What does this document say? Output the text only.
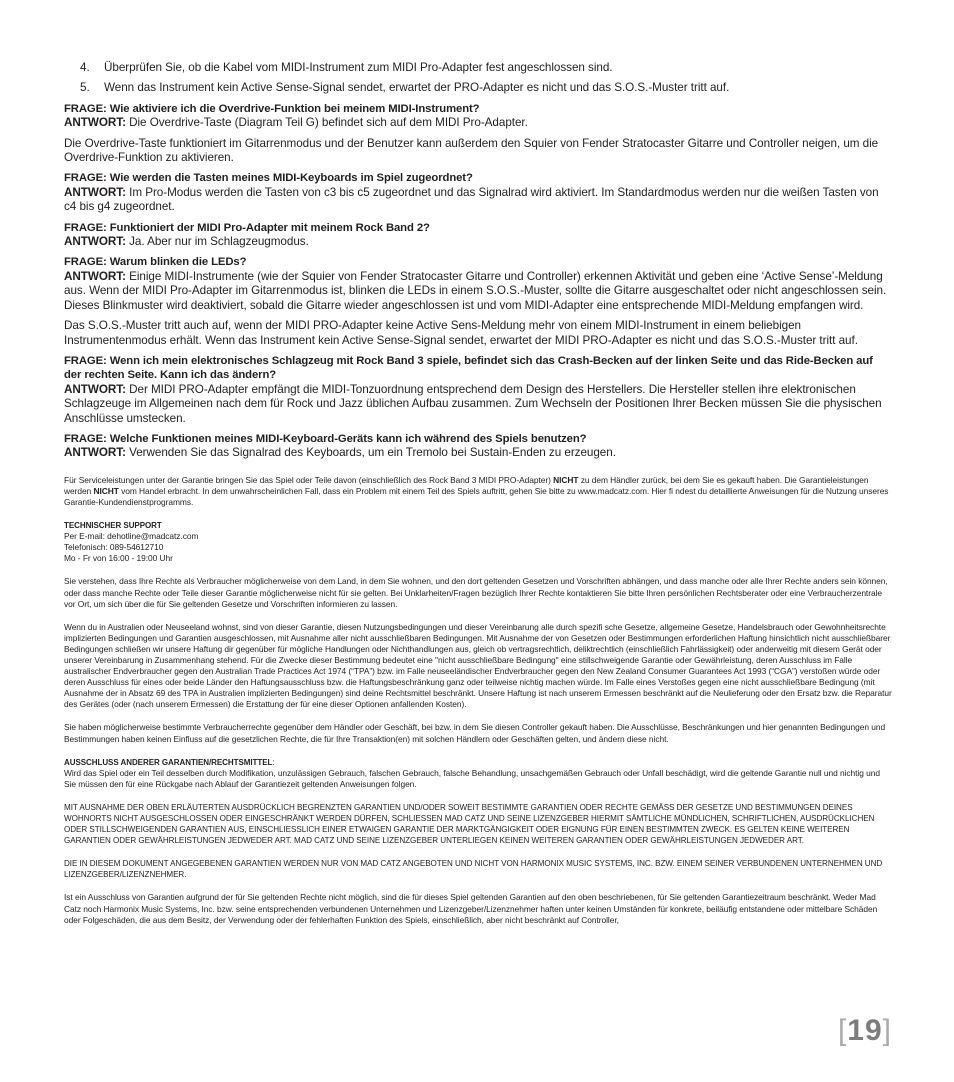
4. Überprüfen Sie, ob die Kabel vom MIDI-Instrument zum MIDI Pro-Adapter fest angeschlossen sind.
5. Wenn das Instrument kein Active Sense-Signal sendet, erwartet der PRO-Adapter es nicht und das S.O.S.-Muster tritt auf.
FRAGE: Wie aktiviere ich die Overdrive-Funktion bei meinem MIDI-Instrument?
ANTWORT: Die Overdrive-Taste (Diagram Teil G) befindet sich auf dem MIDI Pro-Adapter.
Die Overdrive-Taste funktioniert im Gitarrenmodus und der Benutzer kann außerdem den Squier von Fender Stratocaster Gitarre und Controller neigen, um die Overdrive-Funktion zu aktivieren.
FRAGE: Wie werden die Tasten meines MIDI-Keyboards im Spiel zugeordnet?
ANTWORT: Im Pro-Modus werden die Tasten von c3 bis c5 zugeordnet und das Signalrad wird aktiviert. Im Standardmodus werden nur die weißen Tasten von c4 bis g4 zugeordnet.
FRAGE: Funktioniert der MIDI Pro-Adapter mit meinem Rock Band 2?
ANTWORT: Ja. Aber nur im Schlagzeugmodus.
FRAGE: Warum blinken die LEDs?
ANTWORT: Einige MIDI-Instrumente (wie der Squier von Fender Stratocaster Gitarre und Controller) erkennen Aktivität und geben eine ‘Active Sense’-Meldung aus. Wenn der MIDI Pro-Adapter im Gitarrenmodus ist, blinken die LEDs in einem S.O.S.-Muster, sollte die Gitarre ausgeschaltet oder nicht angeschlossen sein. Dieses Blinkmuster wird deaktiviert, sobald die Gitarre wieder angeschlossen ist und vom MIDI-Adapter eine entsprechende MIDI-Meldung empfangen wird.
Das S.O.S.-Muster tritt auch auf, wenn der MIDI PRO-Adapter keine Active Sens-Meldung mehr von einem MIDI-Instrument in einem beliebigen Instrumentenmodus erhält. Wenn das Instrument kein Active Sense-Signal sendet, erwartet der MIDI PRO-Adapter es nicht und das S.O.S.-Muster tritt auf.
FRAGE: Wenn ich mein elektronisches Schlagzeug mit Rock Band 3 spiele, befindet sich das Crash-Becken auf der linken Seite und das Ride-Becken auf der rechten Seite. Kann ich das ändern?
ANTWORT: Der MIDI PRO-Adapter empfängt die MIDI-Tonzuordnung entsprechend dem Design des Herstellers. Die Hersteller stellen ihre elektronischen Schlagzeuge im Allgemeinen nach dem für Rock und Jazz üblichen Aufbau zusammen. Zum Wechseln der Positionen Ihrer Becken müssen Sie die physischen Anschlüsse umstecken.
FRAGE: Welche Funktionen meines MIDI-Keyboard-Geräts kann ich während des Spiels benutzen?
ANTWORT: Verwenden Sie das Signalrad des Keyboards, um ein Tremolo bei Sustain-Enden zu erzeugen.
Für Serviceleistungen unter der Garantie bringen Sie das Spiel oder Teile davon (einschließlich des Rock Band 3 MIDI PRO-Adapter) NICHT zu dem Händler zurück, bei dem Sie es gekauft haben. Die Garantieleistungen werden NICHT vom Handel erbracht. In dem unwahrscheinlichen Fall, dass ein Problem mit einem Teil des Spiels auftritt, gehen Sie bitte zu www.madcatz.com. Hier fi ndest du detaillierte Anweisungen für die Nutzung unseres Garantie-Kundendienstprogramms.
TECHNISCHER SUPPORT
Per E-mail: dehotline@madcatz.com
Telefonisch: 089-54612710
Mo - Fr von 16:00 - 19:00 Uhr
Sie verstehen, dass Ihre Rechte als Verbraucher möglicherweise von dem Land, in dem Sie wohnen, und den dort geltenden Gesetzen und Vorschriften abhängen, und dass manche oder alle Ihrer Rechte anders sein können, oder dass manche Rechte oder Teile dieser Garantie möglicherweise nicht für sie gelten. Bei Unklarheiten/Fragen bezüglich Ihrer Rechte kontaktieren Sie bitte Ihren persönlichen Rechtsberater oder eine Verbraucherzentrale vor Ort, um sich über die für Sie geltenden Gesetze und Vorschriften informieren zu lassen.
Wenn du in Australien oder Neuseeland wohnst, sind von dieser Garantie, diesen Nutzungsbedingungen und dieser Vereinbarung alle durch spezifi sche Gesetze, allgemeine Gesetze, Handelsbrauch oder Gewohnheitsrechte implizierten Bedingungen und Garantien ausgeschlossen, mit Ausnahme aller nicht ausschließbaren Bedingungen. Mit Ausnahme der von Gesetzen oder Bestimmungen erforderlichen Haftung hinsichtlich nicht ausschließbarer Bedingungen schließen wir unsere Haftung dir gegenüber für mögliche Handlungen oder Nichthandlungen aus, gleich ob vertragsrechtlich, deliktrechtlich (einschließlich Fahrlässigkeit) oder anderweitig mit diesem Gerät oder unserer Vereinbarung in Zusammenhang stehend. Für die Zwecke dieser Bestimmung bedeutet eine "nicht ausschließbare Bedingung" eine stillschweigende Garantie oder Gewährleistung, deren Ausschluss im Falle australischer Endverbraucher gegen den Australian Trade Practices Act 1974 (“TPA”) bzw. im Falle neuseeländischer Endverbraucher gegen den New Zealand Consumer Guarantees Act 1993 (“CGA”) verstoßen würde oder deren Ausschluss für eines oder beide Länder den Haftungsausschluss bzw. die Haftungsbeschränkung ganz oder teilweise nichtig machen würde. Im Falle eines Verstoßes gegen eine nicht ausschließbare Bedingung (mit Ausnahme der in Absatz 69 des TPA in Australien implizierten Bedingungen) sind deine Rechtsmittel beschränkt. Unsere Haftung ist nach unserem Ermessen beschränkt auf die Neulieferung oder den Ersatz bzw. die Reparatur des Gerätes (oder (nach unserem Ermessen) die Erstattung der für eine dieser Optionen anfallenden Kosten).
Sie haben möglicherweise bestimmte Verbraucherrechte gegenüber dem Händler oder Geschäft, bei bzw. in dem Sie diesen Controller gekauft haben. Die Ausschlüsse, Beschränkungen und hier genannten Bedingungen und Bestimmungen haben keinen Einfluss auf die gesetzlichen Rechte, die für Ihre Transaktion(en) mit solchen Händlern oder Geschäften gelten, und ändern diese nicht.
AUSSCHLUSS ANDERER GARANTIEN/RECHTSMITTEL:
Wird das Spiel oder ein Teil desselben durch Modifikation, unzulässigen Gebrauch, falschen Gebrauch, falsche Behandlung, unsachgemäßen Gebrauch oder Unfall beschädigt, wird die geltende Garantie null und nichtig und Sie müssen den für eine Rückgabe nach Ablauf der Garantiezeit geltenden Anweisungen folgen.
MIT AUSNAHME DER OBEN ERLÄUTERTEN AUSDRÜCKLICH BEGRENZTEN GARANTIEN UND/ODER SOWEIT BESTIMMTE GARANTIEN ODER RECHTE GEMÄSS DER GESETZE UND BESTIMMUNGEN DEINES WOHNORTS NICHT AUSGESCHLOSSEN ODER EINGESCHRÄNKT WERDEN DÜRFEN, SCHLIESSEN MAD CATZ UND SEINE LIZENZGEBER HIERMIT SÄMTLICHE MÜNDLICHEN, SCHRIFTLICHEN, AUSDRÜCKLICHEN ODER STILLSCHWEIGENDEN GARANTIEN AUS, EINSCHLIESSLICH EINER ETWAIGEN GARANTIE DER MARKTGÄNGIGKEIT ODER EIGNUNG FÜR EINEN BESTIMMTEN ZWECK. ES GELTEN KEINE WEITEREN GARANTIEN ODER GEWÄHRLEISTUNGEN JEDWEDER ART. MAD CATZ UND SEINE LIZENZGEBER UNTERLIEGEN KEINEN WEITEREN GARANTIEN ODER GEWÄHRLEISTUNGEN JEDWEDER ART.
DIE IN DIESEM DOKUMENT ANGEGEBENEN GARANTIEN WERDEN NUR VON MAD CATZ ANGEBOTEN UND NICHT VON HARMONIX MUSIC SYSTEMS, INC. BZW. EINEM SEINER VERBUNDENEN UNTERNEHMEN UND LIZENZGEBER/LIZENZNEHMER.
Ist ein Ausschluss von Garantien aufgrund der für Sie geltenden Rechte nicht möglich, sind die für dieses Spiel geltenden Garantien auf den oben beschriebenen, für Sie geltenden Garantiezeitraum beschränkt. Weder Mad Catz noch Harmonix Music Systems, Inc. bzw. seine entsprechenden verbundenen Unternehmen und Lizenzgeber/Lizenznehmer haften unter keinen Umständen für konkrete, beiläufig entstandene oder mittelbare Schäden oder Folgeschäden, die aus dem Besitz, der Verwendung oder der fehlerhaften Funktion des Spiels, einschließlich, aber nicht beschränkt auf Controller,
[19]
